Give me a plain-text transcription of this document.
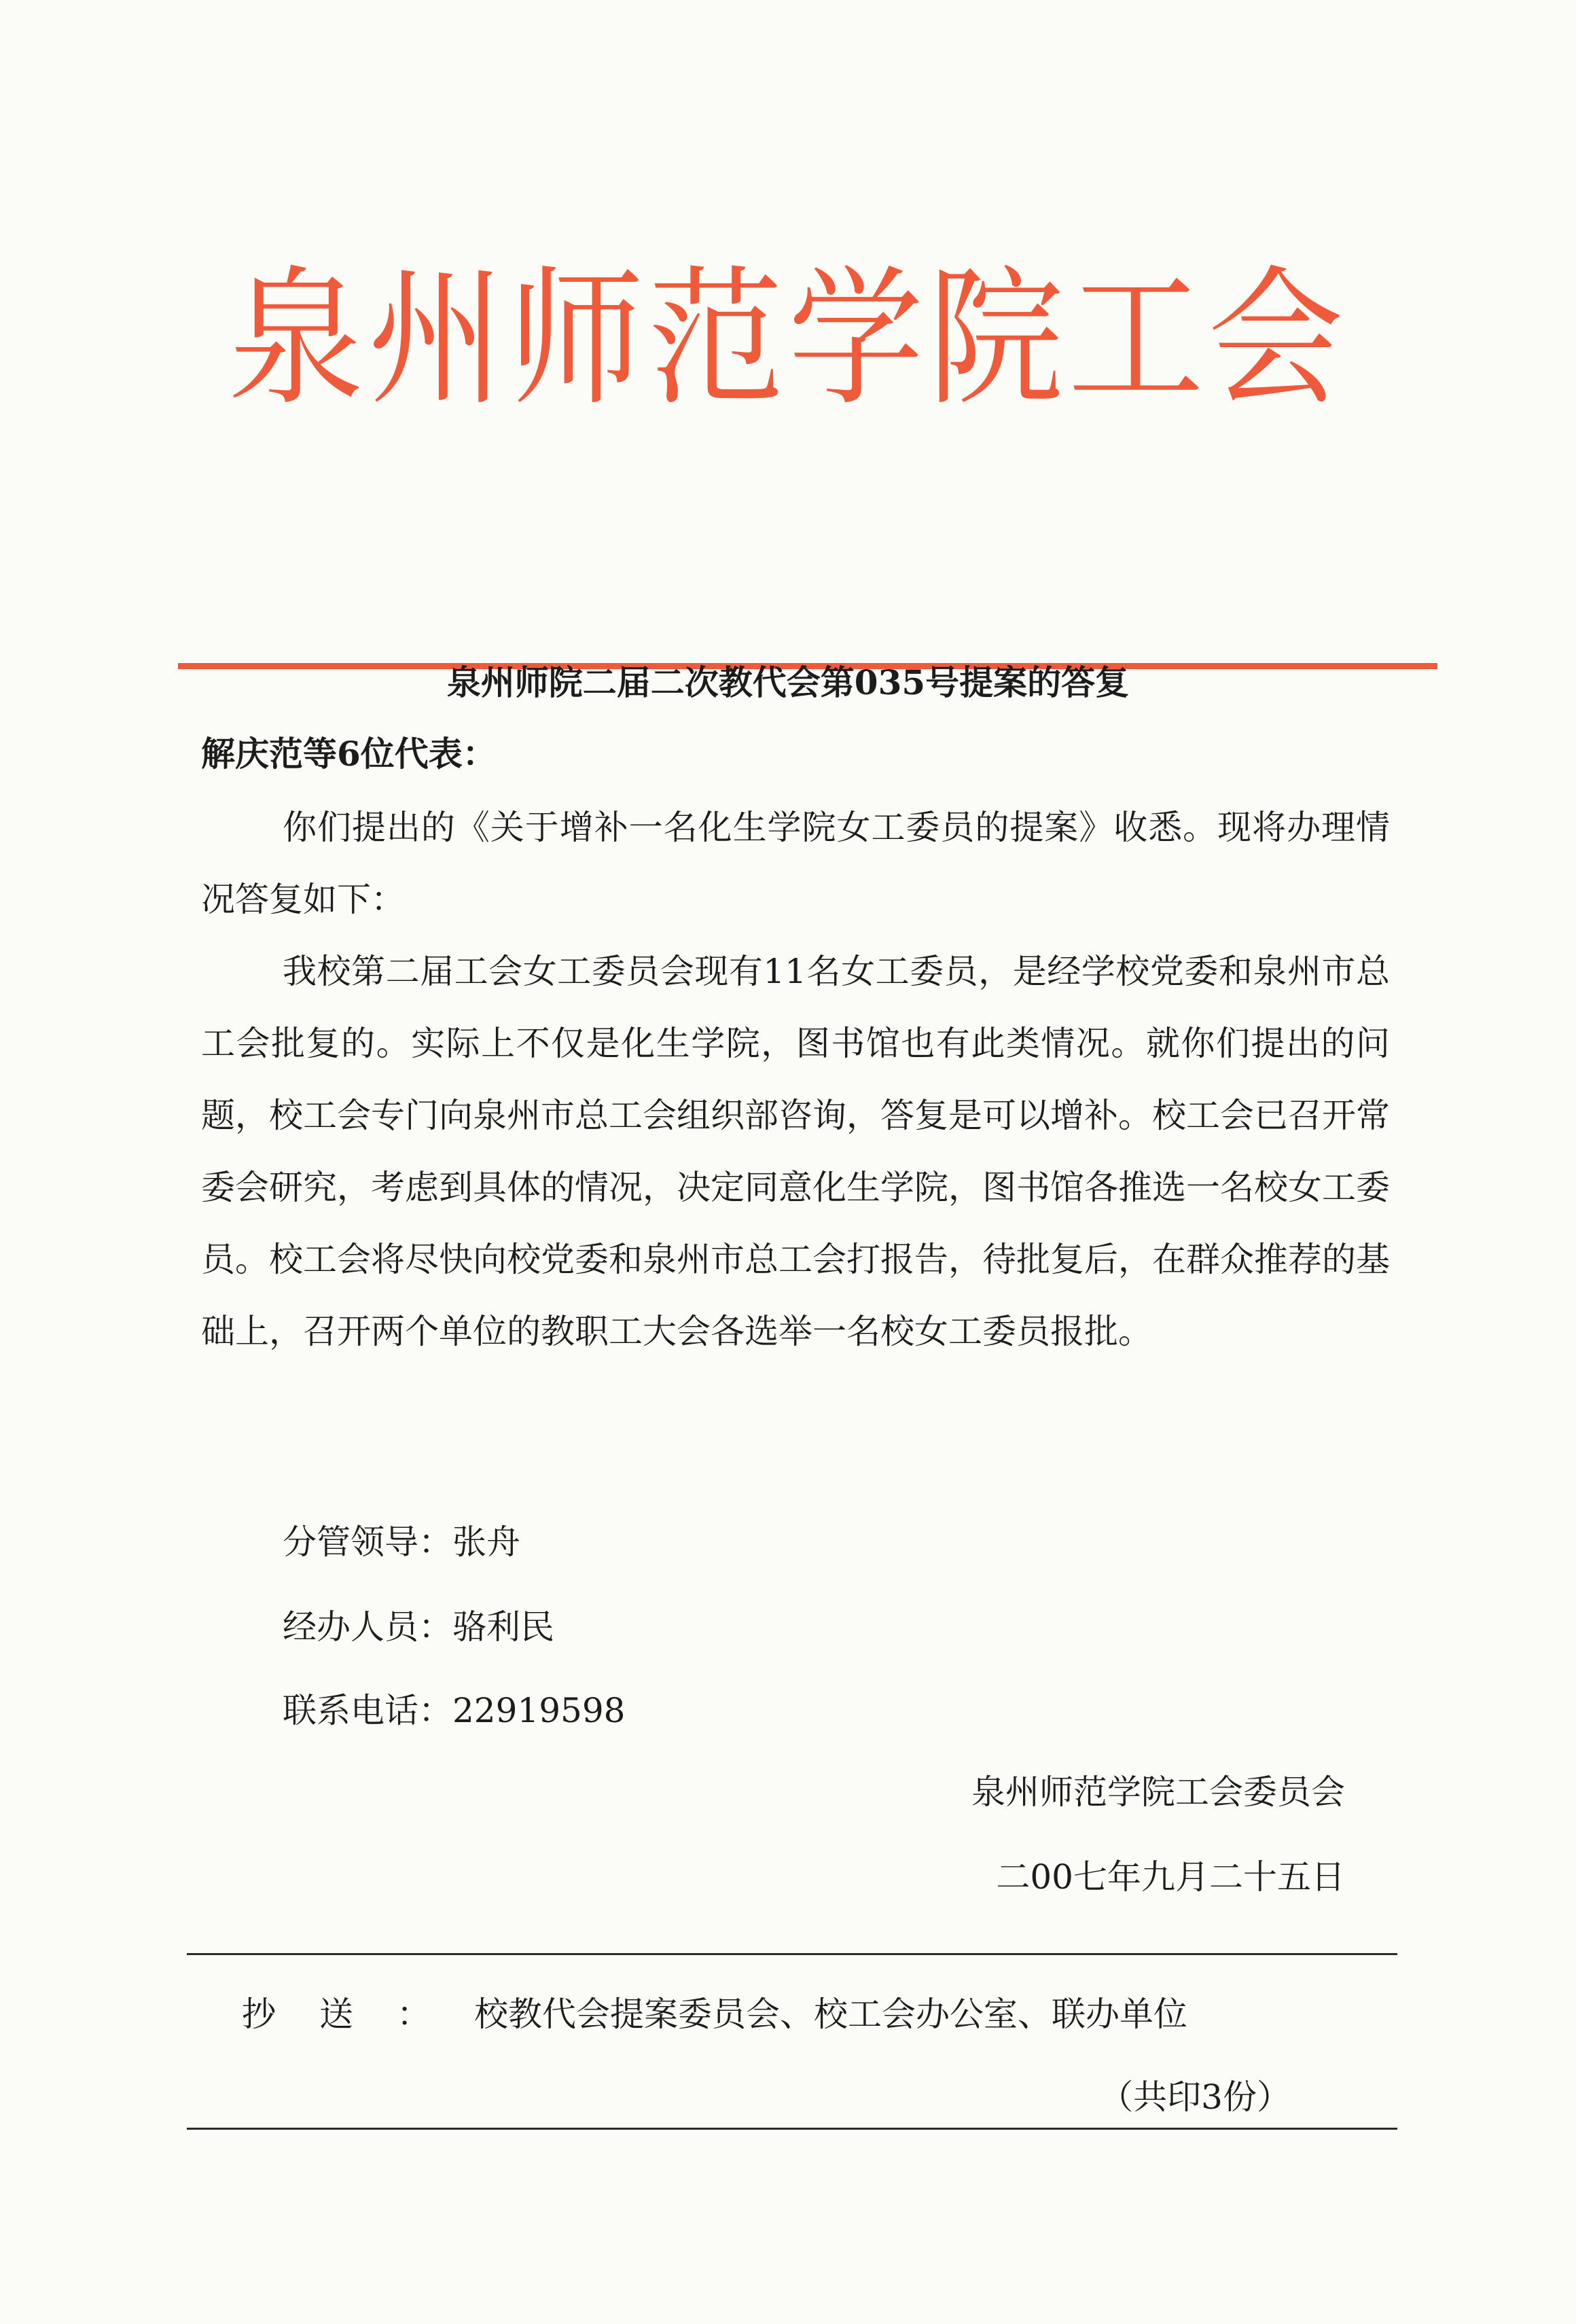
泉州师范学院工会
泉州师院二届二次教代会第035号提案的答复
解庆范等6位代表：

你们提出的《关于增补一名化生学院女工委员的提案》收悉。现将办理情况答复如下：

我校第二届工会女工委员会现有11名女工委员，是经学校党委和泉州市总工会批复的。实际上不仅是化生学院，图书馆也有此类情况。就你们提出的问题，校工会专门向泉州市总工会组织部咨询，答复是可以增补。校工会已召开常委会研究，考虑到具体的情况，决定同意化生学院，图书馆各推选一名校女工委员。校工会将尽快向校党委和泉州市总工会打报告，待批复后，在群众推荐的基础上，召开两个单位的教职工大会各选举一名校女工委员报批。

分管领导：张舟
经办人员：骆利民
联系电话：22919598
泉州师范学院工会委员会
二00七年九月二十五日
抄送：校教代会提案委员会、校工会办公室、联办单位
（共印3份）
